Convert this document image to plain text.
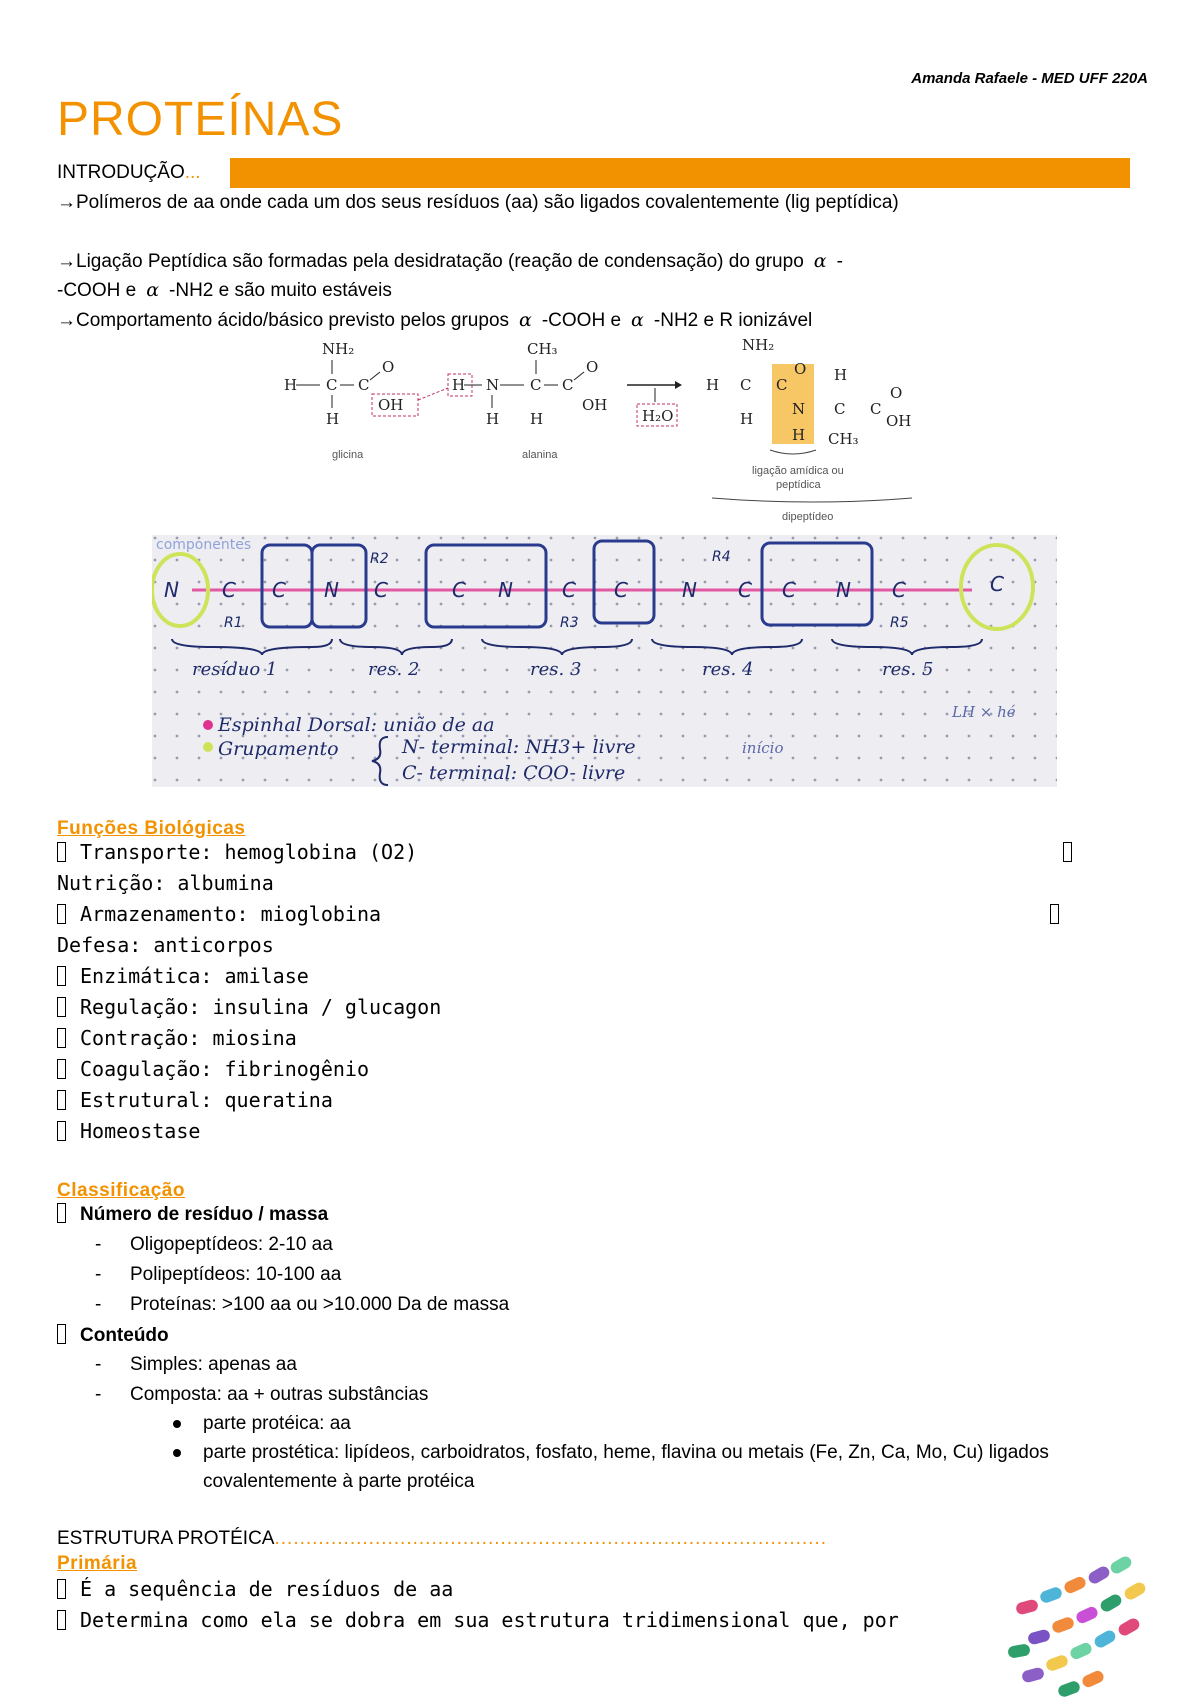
Amanda Rafaele - MED UFF 220A
PROTEÍNAS
INTRODUÇÃO...
→Polímeros de aa onde cada um dos seus resíduos (aa) são ligados covalentemente (lig peptídica)
→Ligação Peptídica são formadas pela desidratação (reação de condensação) do grupo α -
-COOH e α -NH2 e são muito estáveis
→Comportamento ácido/básico previsto pelos grupos α -COOH e α -NH2 e R ionizável
NH₂
H C C
O
OH
H
glicina
CH₃
H N C C
O
OH
H H
alanina
H₂O
NH₂
H C
H
C
O
N
H
H
C
CH₃
C
O
OH
ligação amídica ou
peptídica
dipeptídeo
componentes
N C C N C	C N C C	N C C N C	C
R1
R2
R3
R4
R5
resíduo 1	res. 2	res. 3	res. 4	res. 5
Espinhal Dorsal: união de aa
Grupamento	N- terminal: NH3+ livre
C- terminal: COO- livre
início
LH × hé
Funções Biológicas
Transporte: hemoglobina (O2)
Nutrição: albumina
Armazenamento: mioglobina
Defesa: anticorpos
Enzimática: amilase
Regulação: insulina / glucagon
Contração: miosina
Coagulação: fibrinogênio
Estrutural: queratina
Homeostase
Classificação
Número de resíduo / massa
- Oligopeptídeos: 2-10 aa
- Polipeptídeos: 10-100 aa
- Proteínas: >100 aa ou >10.000 Da de massa
Conteúdo
- Simples: apenas aa
- Composta: aa + outras substâncias
parte protéica: aa
parte prostética: lipídeos, carboidratos, fosfato, heme, flavina ou metais (Fe, Zn, Ca, Mo, Cu) ligados covalentemente à parte protéica
ESTRUTURA PROTÉICA........................................................................................
Primária
É a sequência de resíduos de aa
Determina como ela se dobra em sua estrutura tridimensional que, por
